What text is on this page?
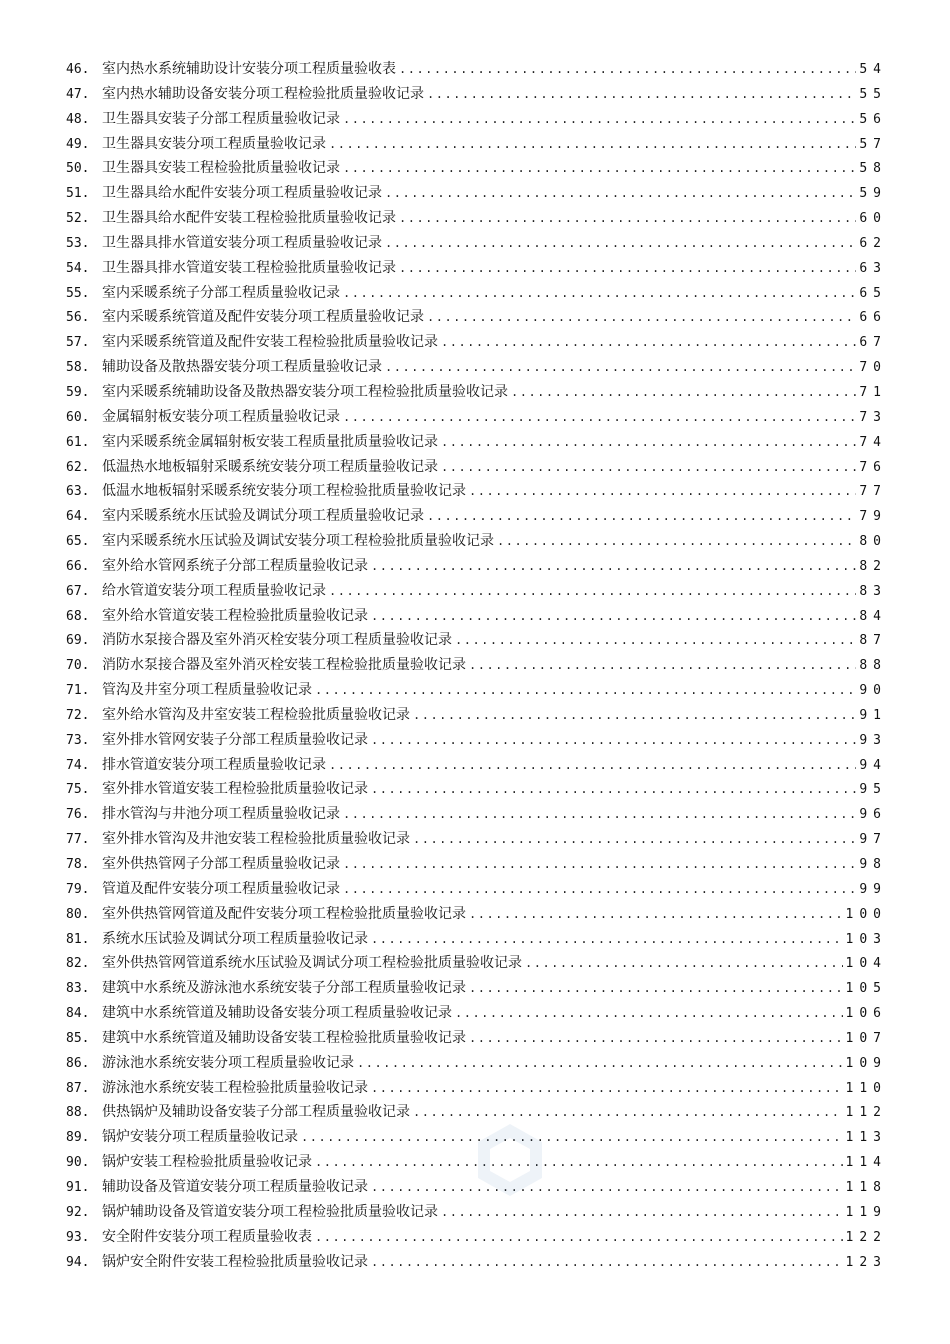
46. 室内热水系统辅助设计安装分项工程质量验收表 .....	54
47. 室内热水辅助设备安装分项工程检验批质量验收记录 .....	55
48. 卫生器具安装子分部工程质量验收记录 .....	56
49. 卫生器具安装分项工程质量验收记录 .....	57
50. 卫生器具安装工程检验批质量验收记录 .....	58
51. 卫生器具给水配件安装分项工程质量验收记录 .....	59
52. 卫生器具给水配件安装工程检验批质量验收记录 .....	60
53. 卫生器具排水管道安装分项工程质量验收记录 .....	62
54. 卫生器具排水管道安装工程检验批质量验收记录 .....	63
55. 室内采暖系统子分部工程质量验收记录 .....	65
56. 室内采暖系统管道及配件安装分项工程质量验收记录 .....	66
57. 室内采暖系统管道及配件安装工程检验批质量验收记录 .....	67
58. 辅助设备及散热器安装分项工程质量验收记录 .....	70
59. 室内采暖系统辅助设备及散热器安装分项工程检验批质量验收记录 .....	71
60. 金属辐射板安装分项工程质量验收记录 .....	73
61. 室内采暖系统金属辐射板安装工程质量批质量验收记录 .....	74
62. 低温热水地板辐射采暖系统安装分项工程质量验收记录 .....	76
63. 低温水地板辐射采暖系统安装分项工程检验批质量验收记录 .....	77
64. 室内采暖系统水压试验及调试分项工程质量验收记录 .....	79
65. 室内采暖系统水压试验及调试安装分项工程检验批质量验收记录 .....	80
66. 室外给水管网系统子分部工程质量验收记录 .....	82
67. 给水管道安装分项工程质量验收记录 .....	83
68. 室外给水管道安装工程检验批质量验收记录 .....	84
69. 消防水泵接合器及室外消灭栓安装分项工程质量验收记录 .....	87
70. 消防水泵接合器及室外消灭栓安装工程检验批质量验收记录 .....	88
71. 管沟及井室分项工程质量验收记录 .....	90
72. 室外给水管沟及井室安装工程检验批质量验收记录 .....	91
73. 室外排水管网安装子分部工程质量验收记录 .....	93
74. 排水管道安装分项工程质量验收记录 .....	94
75. 室外排水管道安装工程检验批质量验收记录 .....	95
76. 排水管沟与井池分项工程质量验收记录 .....	96
77. 室外排水管沟及井池安装工程检验批质量验收记录 .....	97
78. 室外供热管网子分部工程质量验收记录 .....	98
79. 管道及配件安装分项工程质量验收记录 .....	99
80. 室外供热管网管道及配件安装分项工程检验批质量验收记录 .....	100
81. 系统水压试验及调试分项工程质量验收记录 .....	103
82. 室外供热管网管道系统水压试验及调试分项工程检验批质量验收记录 .....	104
83. 建筑中水系统及游泳池水系统安装子分部工程质量验收记录 .....	105
84. 建筑中水系统管道及辅助设备安装分项工程质量验收记录 .....	106
85. 建筑中水系统管道及辅助设备安装工程检验批质量验收记录 .....	107
86. 游泳池水系统安装分项工程质量验收记录 .....	109
87. 游泳池水系统安装工程检验批质量验收记录 .....	110
88. 供热锅炉及辅助设备安装子分部工程质量验收记录 .....	112
89. 锅炉安装分项工程质量验收记录 .....	113
90. 锅炉安装工程检验批质量验收记录 .....	114
91. 辅助设备及管道安装分项工程质量验收记录 .....	118
92. 锅炉辅助设备及管道安装分项工程检验批质量验收记录 .....	119
93. 安全附件安装分项工程质量验收表 .....	122
94. 锅炉安全附件安装工程检验批质量验收记录 .....	123
